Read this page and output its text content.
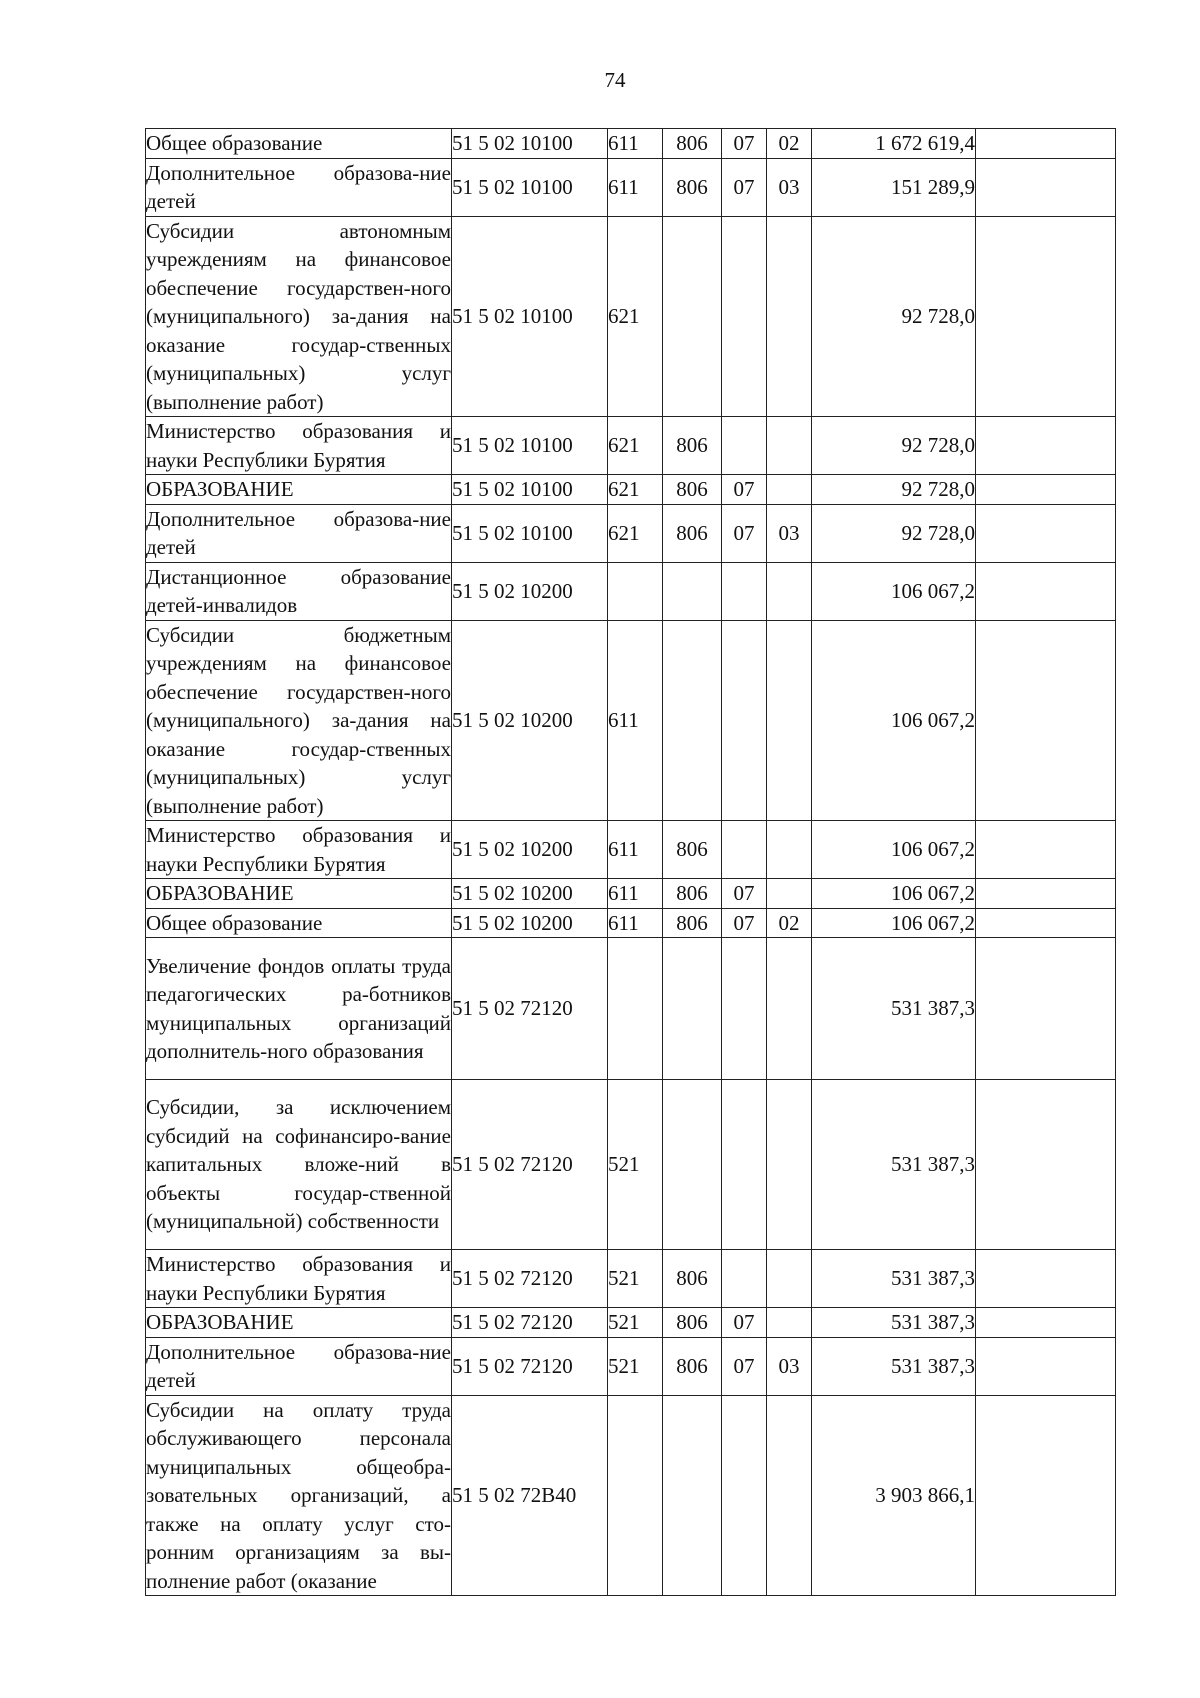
74
Общее образование	51 5 02 10100	611	806	07	02	1 672 619,4	
Дополнительное образова-ние детей	51 5 02 10100	611	806	07	03	151 289,9	
Субсидии автономным учреждениям на финансовое обеспечение государствен-ного (муниципального) за-дания на оказание государ-ственных (муниципальных) услуг (выполнение работ)	51 5 02 10100	621				92 728,0	
Министерство образования и науки Республики Бурятия	51 5 02 10100	621	806			92 728,0	
ОБРАЗОВАНИЕ	51 5 02 10100	621	806	07		92 728,0	
Дополнительное образова-ние детей	51 5 02 10100	621	806	07	03	92 728,0	
Дистанционное образование детей-инвалидов	51 5 02 10200					106 067,2	
Субсидии бюджетным учреждениям на финансовое обеспечение государствен-ного (муниципального) за-дания на оказание государ-ственных (муниципальных) услуг (выполнение работ)	51 5 02 10200	611				106 067,2	
Министерство образования и науки Республики Бурятия	51 5 02 10200	611	806			106 067,2	
ОБРАЗОВАНИЕ	51 5 02 10200	611	806	07		106 067,2	
Общее образование	51 5 02 10200	611	806	07	02	106 067,2	
Увеличение фондов оплаты труда педагогических ра-ботников муниципальных организаций дополнитель-ного образования	51 5 02 72120					531 387,3	
Субсидии, за исключением субсидий на софинансиро-вание капитальных вложе-ний в объекты государ-ственной (муниципальной) собственности	51 5 02 72120	521				531 387,3	
Министерство образования и науки Республики Бурятия	51 5 02 72120	521	806			531 387,3	
ОБРАЗОВАНИЕ	51 5 02 72120	521	806	07		531 387,3	
Дополнительное образова-ние детей	51 5 02 72120	521	806	07	03	531 387,3	
Субсидии на оплату труда обслуживающего персонала муниципальных общеобра-зовательных организаций, а также на оплату услуг сто-ронним организациям за вы-полнение работ (оказание	51 5 02 72В40					3 903 866,1	
